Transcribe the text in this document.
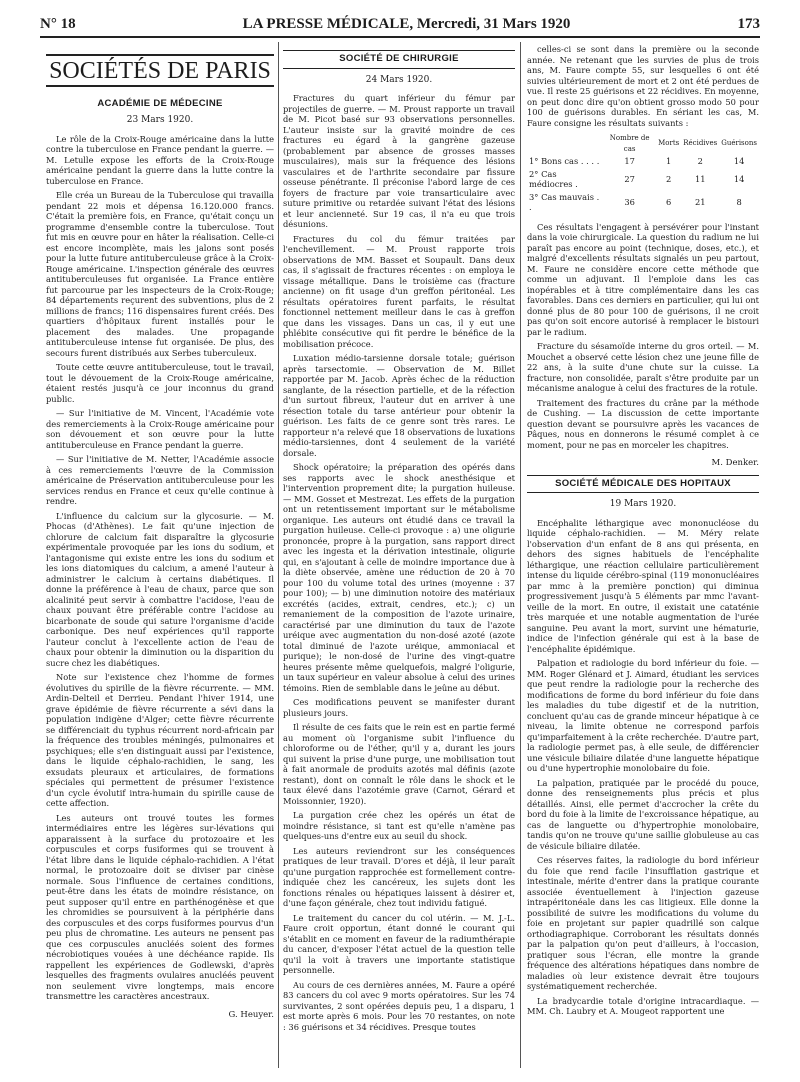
N° 18	LA PRESSE MÉDICALE, Mercredi, 31 Mars 1920	173
SOCIÉTÉS DE PARIS
ACADÉMIE DE MÉDECINE
23 Mars 1920.

Le rôle de la Croix-Rouge américaine dans la lutte contre la tuberculose en France pendant la guerre. — M. Letulle expose les efforts de la Croix-Rouge américaine pendant la guerre dans la lutte contre la tuberculose en France.

Elle créa un Bureau de la Tuberculose qui travailla pendant 22 mois et dépensa 16.120.000 francs. C'était la première fois, en France, qu'était conçu un programme d'ensemble contre la tuberculose. Tout fut mis en œuvre pour en hâter la réalisation. Celle-ci est encore incomplète, mais les jalons sont posés pour la lutte future antituberculeuse grâce à la Croix-Rouge américaine. L'inspection générale des œuvres antituberculeuses fut organisée. La France entière fut parcourue par les inspecteurs de la Croix-Rouge; 84 départements reçurent des subventions, plus de 2 millions de francs; 116 dispensaires furent créés. Des quartiers d'hôpitaux furent installés pour le placement des malades. Une propagande antituberculeuse intense fut organisée. De plus, des secours furent distribués aux Serbes tuberculeux.

Toute cette œuvre antituberculeuse, tout le travail, tout le dévouement de la Croix-Rouge américaine, étaient restés jusqu'à ce jour inconnus du grand public.

— Sur l'initiative de M. Vincent, l'Académie vote des remerciements à la Croix-Rouge américaine pour son dévouement et son œuvre pour la lutte antituberculeuse en France pendant la guerre.

— Sur l'initiative de M. Netter, l'Académie associe à ces remerciements l'œuvre de la Commission américaine de Préservation antituberculeuse pour les services rendus en France et ceux qu'elle continue à rendre.

L'influence du calcium sur la glycosurie. — M. Phocas (d'Athènes). Le fait qu'une injection de chlorure de calcium fait disparaître la glycosurie expérimentale provoquée par les ions du sodium, et l'antagonisme qui existe entre les ions du sodium et les ions diatomiques du calcium, a amené l'auteur à administrer le calcium à certains diabétiques. Il donne la préférence à l'eau de chaux, parce que son alcalinité peut servir à combattre l'acidose, l'eau de chaux pouvant être préférable contre l'acidose au bicarbonate de soude qui sature l'organisme d'acide carbonique. Des neuf expériences qu'il rapporte l'auteur conclut à l'excellente action de l'eau de chaux pour obtenir la diminution ou la disparition du sucre chez les diabétiques.

Note sur l'existence chez l'homme de formes évolutives du spirille de la fièvre récurrente. — MM. Ardin-Delteil et Derrieu. Pendant l'hiver 1914, une grave épidémie de fièvre récurrente a sévi dans la population indigène d'Alger; cette fièvre récurrente se différenciait du typhus récurrent nord-africain par la fréquence des troubles méningés, pulmonaires et psychiques; elle s'en distinguait aussi par l'existence, dans le liquide céphalo-rachidien, le sang, les exsudats pleuraux et articulaires, de formations spéciales qui permettent de présumer l'existence d'un cycle évolutif intra-humain du spirille cause de cette affection.

Les auteurs ont trouvé toutes les formes intermédiaires entre les légères sur-lévations qui apparaissent à la surface du protozoaire et les corpuscules et corps fusiformes qui se trouvent à l'état libre dans le liquide céphalo-rachidien. A l'état normal, le protozoaire doit se diviser par cinèse normale. Sous l'influence de certaines conditions, peut-être dans les états de moindre résistance, on peut supposer qu'il entre en parthénogénèse et que les chromidies se poursuivent à la périphérie dans des corpuscules et des corps fusiformes pourvus d'un peu plus de chromatine. Les auteurs ne pensent pas que ces corpuscules anucléés soient des formes nécrobiotiques vouées à une déchéance rapide. Ils rappellent les expériences de Godlewski, d'après lesquelles des fragments ovulaires anucléés peuvent non seulement vivre longtemps, mais encore transmettre les caractères ancestraux.

G. Heuyer.
SOCIÉTÉ DE CHIRURGIE
24 Mars 1920.

Fractures du quart inférieur du fémur par projectiles de guerre. — M. Proust rapporte un travail de M. Picot basé sur 93 observations personnelles. L'auteur insiste sur la gravité moindre de ces fractures eu égard à la gangrène gazeuse (probablement par absence de grosses masses musculaires), mais sur la fréquence des lésions vasculaires et de l'arthrite secondaire par fissure osseuse pénétrante. Il préconise l'abord large de ces foyers de fracture par voie transarticulaire avec suture primitive ou retardée suivant l'état des lésions et leur ancienneté. Sur 19 cas, il n'a eu que trois désunions.

Fractures du col du fémur traitées par l'enchevillement. — M. Proust rapporte trois observations de MM. Basset et Soupault. Dans deux cas, il s'agissait de fractures récentes : on employa le vissage métallique. Dans le troisième cas (fracture ancienne) on fit usage d'un greffon péritonéal. Les résultats opératoires furent parfaits, le résultat fonctionnel nettement meilleur dans le cas à greffon que dans les vissages. Dans un cas, il y eut une phlébite consécutive qui fit perdre le bénéfice de la mobilisation précoce.

Luxation médio-tarsienne dorsale totale; guérison après tarsectomie. — Observation de M. Billet rapportée par M. Jacob. Après échec de la réduction sanglante, de la résection partielle, et de la réfection d'un surtout fibreux, l'auteur dut en arriver à une résection totale du tarse antérieur pour obtenir la guérison. Les faits de ce genre sont très rares. Le rapporteur n'a relevé que 18 observations de luxations médio-tarsiennes, dont 4 seulement de la variété dorsale.

Shock opératoire; la préparation des opérés dans ses rapports avec le shock anesthésique et l'intervention proprement dite; la purgation huileuse. — MM. Gosset et Mestrezat. Les effets de la purgation ont un retentissement important sur le métabolisme organique. Les auteurs ont étudié dans ce travail la purgation huileuse. Celle-ci provoque : a) une oligurie prononcée, propre à la purgation, sans rapport direct avec les ingesta et la dérivation intestinale, oligurie qui, en s'ajoutant à celle de moindre importance due à la diète observée, amène une réduction de 20 à 70 pour 100 du volume total des urines (moyenne : 37 pour 100); — b) une diminution notoire des matériaux excrétés (acides, extrait, cendres, etc.); c) un remaniement de la composition de l'azote urinaire, caractérisé par une diminution du taux de l'azote uréique avec augmentation du non-dosé azoté (azote total diminué de l'azote uréique, ammoniacal et purique); le non-dosé de l'urine des vingt-quatre heures présente même quelquefois, malgré l'oligurie, un taux supérieur en valeur absolue à celui des urines témoins. Rien de semblable dans le jeûne au début.

Ces modifications peuvent se manifester durant plusieurs jours.

Il résulte de ces faits que le rein est en partie fermé au moment où l'organisme subit l'influence du chloroforme ou de l'éther, qu'il y a, durant les jours qui suivent la prise d'une purge, une mobilisation tout à fait anormale de produits azotés mal définis (azote restant), dont on connaît le rôle dans le shock et le taux élevé dans l'azotémie grave (Carnot, Gérard et Moissonnier, 1920).

La purgation crée chez les opérés un état de moindre résistance, si tant est qu'elle n'amène pas quelques-uns d'entre eux au seuil du shock.

Les auteurs reviendront sur les conséquences pratiques de leur travail. D'ores et déjà, il leur paraît qu'une purgation rapprochée est formellement contre-indiquée chez les cancéreux, les sujets dont les fonctions rénales ou hépatiques laissent à désirer et, d'une façon générale, chez tout individu fatigué.

Le traitement du cancer du col utérin. — M. J.-L. Faure croit opportun, étant donné le courant qui s'établit en ce moment en faveur de la radiumthérapie du cancer, d'exposer l'état actuel de la question telle qu'il la voit à travers une importante statistique personnelle.

Au cours de ces dernières années, M. Faure a opéré 83 cancers du col avec 9 morts opératoires. Sur les 74 survivantes, 2 sont opérées depuis peu, 1 a disparu, 1 est morte après 6 mois. Pour les 70 restantes, on note : 36 guérisons et 34 récidives. Presque toutes

celles-ci se sont dans la première ou la seconde année. Ne retenant que les survies de plus de trois ans, M. Faure compte 55, sur lesquelles 6 ont été suivies ultérieurement de mort et 2 ont été perdues de vue. Il reste 25 guérisons et 22 récidives. En moyenne, on peut donc dire qu'on obtient grosso modo 50 pour 100 de guérisons durables. En sériant les cas, M. Faure consigne les résultats suivants :

	Nombre de cas	Morts	Récidives	Guérisons
1° Bons cas . . . .	17	1	2	14
2° Cas médiocres .	27	2	11	14
3° Cas mauvais . .	36	6	21	8

Ces résultats l'engagent à persévérer pour l'instant dans la voie chirurgicale. La question du radium ne lui paraît pas encore au point (technique, doses, etc.), et malgré d'excellents résultats signalés un peu partout, M. Faure ne considère encore cette méthode que comme un adjuvant. Il l'emploie dans les cas inopérables et à titre complémentaire dans les cas favorables. Dans ces derniers en particulier, qui lui ont donné plus de 80 pour 100 de guérisons, il ne croit pas qu'on soit encore autorisé à remplacer le bistouri par le radium.

Fracture du sésamoïde interne du gros orteil. — M. Mouchet a observé cette lésion chez une jeune fille de 22 ans, à la suite d'une chute sur la cuisse. La fracture, non consolidée, paraît s'être produite par un mécanisme analogue à celui des fractures de la rotule.

Traitement des fractures du crâne par la méthode de Cushing. — La discussion de cette importante question devant se poursuivre après les vacances de Pâques, nous en donnerons le résumé complet à ce moment, pour ne pas en morceler les chapitres.

M. Denker.
SOCIÉTÉ MÉDICALE DES HOPITAUX
19 Mars 1920.

Encéphalite léthargique avec mononucléose du liquide céphalo-rachidien. — M. Méry relate l'observation d'un enfant de 8 ans qui présenta, en dehors des signes habituels de l'encéphalite léthargique, une réaction cellulaire particulièrement intense du liquide cérébro-spinal (119 mononucléaires par mmc à la première ponction) qui diminua progressivement jusqu'à 5 éléments par mmc l'avant-veille de la mort. En outre, il existait une cataténie très marquée et une notable augmentation de l'urée sanguine. Peu avant la mort, survint une hématurie, indice de l'infection générale qui est à la base de l'encéphalite épidémique.

Palpation et radiologie du bord inférieur du foie. — MM. Roger Glénard et J. Aimard, étudiant les services que peut rendre la radiologie pour la recherche des modifications de forme du bord inférieur du foie dans les maladies du tube digestif et de la nutrition, concluent qu'au cas de grande minceur hépatique à ce niveau, la limite obtenue ne correspond parfois qu'imparfaitement à la crête recherchée. D'autre part, la radiologie permet pas, à elle seule, de différencier une vésicule biliaire dilatée d'une languette hépatique ou d'une hypertrophie monolobaire du foie.

La palpation, pratiquée par le procédé du pouce, donne des renseignements plus précis et plus détaillés. Ainsi, elle permet d'accrocher la crête du bord du foie à la limite de l'excroissance hépatique, au cas de languette ou d'hypertrophie monolobaire, tandis qu'on ne trouve qu'une saillie globuleuse au cas de vésicule biliaire dilatée.

Ces réserves faites, la radiologie du bord inférieur du foie que rend facile l'insufflation gastrique et intestinale, mérite d'entrer dans la pratique courante associée éventuellement à l'injection gazeuse intrapéritonéale dans les cas litigieux. Elle donne la possibilité de suivre les modifications du volume du foie en projetant sur papier quadrillé son calque orthodiagraphique. Corroborant les résultats donnés par la palpation qu'on peut d'ailleurs, à l'occasion, pratiquer sous l'écran, elle montre la grande fréquence des altérations hépatiques dans nombre de maladies où leur existence devrait être toujours systématiquement recherchée.

La bradycardie totale d'origine intracardiaque. — MM. Ch. Laubry et A. Mougeot rapportent une
